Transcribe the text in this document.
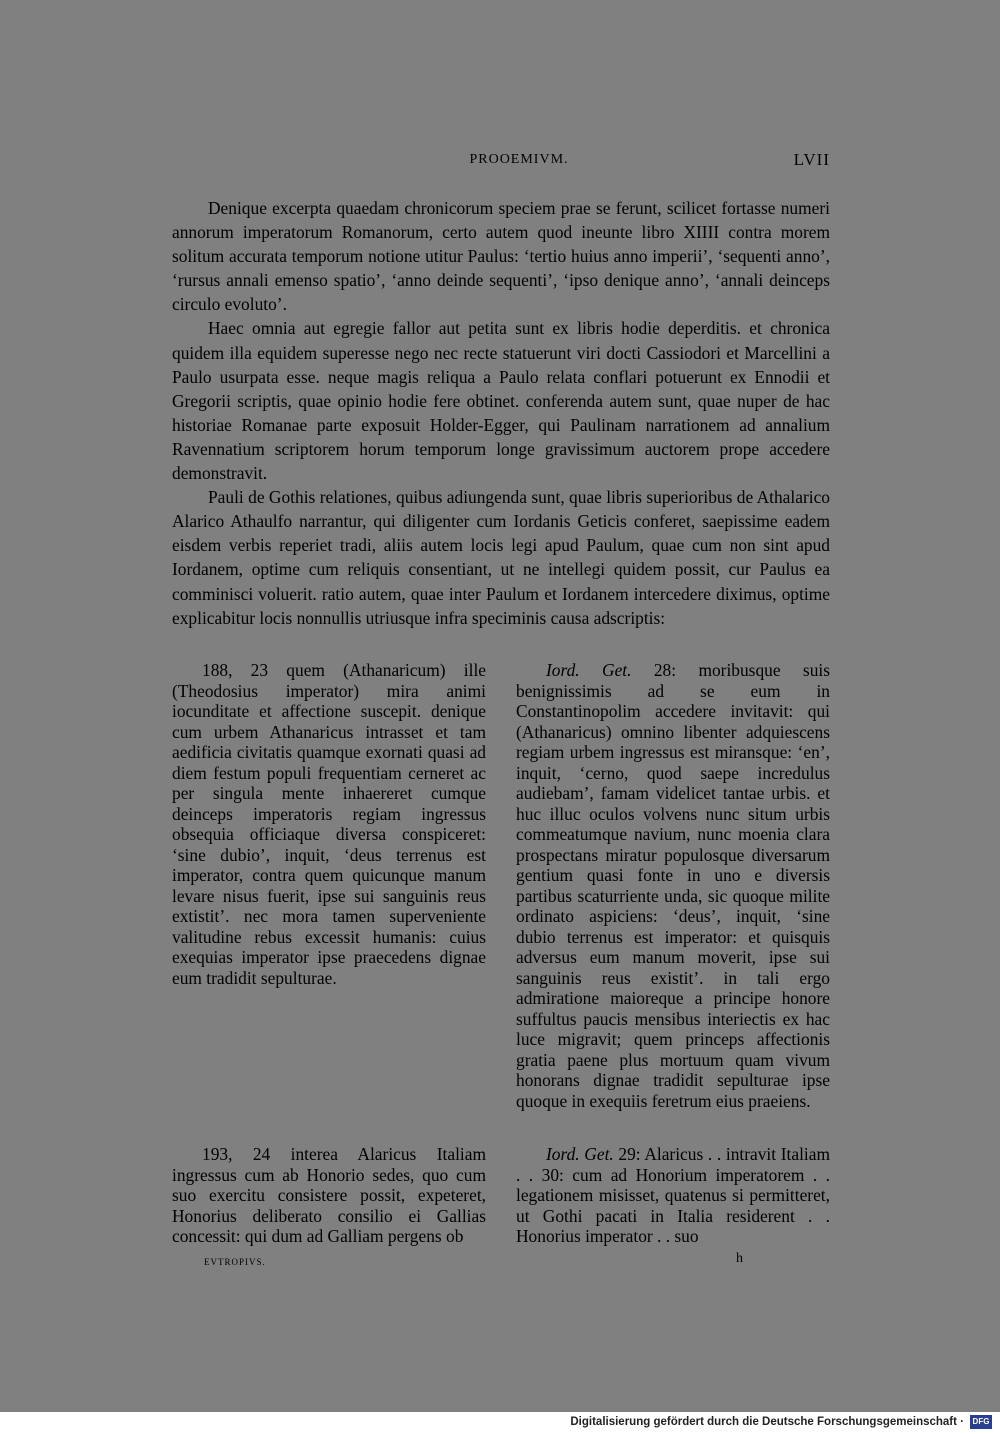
PROOEMIVM.	LVII

Denique excerpta quaedam chronicorum speciem prae se ferunt, scilicet fortasse numeri annorum imperatorum Romanorum, certo autem quod ineunte libro XIIII contra morem solitum accurata temporum notione utitur Paulus: ‘tertio huius anno imperii’, ‘sequenti anno’, ‘rursus annali emenso spatio’, ‘anno deinde sequenti’, ‘ipso denique anno’, ‘annali deinceps circulo evoluto’.

Haec omnia aut egregie fallor aut petita sunt ex libris hodie deperditis. et chronica quidem illa equidem superesse nego nec recte statuerunt viri docti Cassiodori et Marcellini a Paulo usurpata esse. neque magis reliqua a Paulo relata conflari potuerunt ex Ennodii et Gregorii scriptis, quae opinio hodie fere obtinet. conferenda autem sunt, quae nuper de hac historiae Romanae parte exposuit Holder-Egger, qui Paulinam narrationem ad annalium Ravennatium scriptorem horum temporum longe gravissimum auctorem prope accedere demonstravit.

Pauli de Gothis relationes, quibus adiungenda sunt, quae libris superioribus de Athalarico Alarico Athaulfo narrantur, qui diligenter cum Iordanis Geticis conferet, saepissime eadem eisdem verbis reperiet tradi, aliis autem locis legi apud Paulum, quae cum non sint apud Iordanem, optime cum reliquis consentiant, ut ne intellegi quidem possit, cur Paulus ea comminisci voluerit. ratio autem, quae inter Paulum et Iordanem intercedere diximus, optime explicabitur locis nonnullis utriusque infra speciminis causa adscriptis:

188, 23 quem (Athanaricum) ille (Theodosius imperator) mira animi iocunditate et affectione suscepit. denique cum urbem Athanaricus intrasset et tam aedificia civitatis quamque exornati quasi ad diem festum populi frequentiam cerneret ac per singula mente inhaereret cumque deinceps imperatoris regiam ingressus obsequia officiaque diversa conspiceret: ‘sine dubio’, inquit, ‘deus terrenus est imperator, contra quem quicunque manum levare nisus fuerit, ipse sui sanguinis reus extistit’. nec mora tamen superveniente valitudine rebus excessit humanis: cuius exequias imperator ipse praecedens dignae eum tradidit sepulturae.

Iord. Get. 28: moribusque suis benignissimis ad se eum in Constantinopolim accedere invitavit: qui (Athanaricus) omnino libenter adquiescens regiam urbem ingressus est miransque: ‘en’, inquit, ‘cerno, quod saepe incredulus audiebam’, famam videlicet tantae urbis. et huc illuc oculos volvens nunc situm urbis commeatumque navium, nunc moenia clara prospectans miratur populosque diversarum gentium quasi fonte in uno e diversis partibus scaturriente unda, sic quoque milite ordinato aspiciens: ‘deus’, inquit, ‘sine dubio terrenus est imperator: et quisquis adversus eum manum moverit, ipse sui sanguinis reus existit’. in tali ergo admiratione maioreque a principe honore suffultus paucis mensibus interiectis ex hac luce migravit; quem princeps affectionis gratia paene plus mortuum quam vivum honorans dignae tradidit sepulturae ipse quoque in exequiis feretrum eius praeiens.

193, 24 interea Alaricus Italiam ingressus cum ab Honorio sedes, quo cum suo exercitu consistere possit, expeteret, Honorius deliberato consilio ei Gallias concessit: qui dum ad Galliam pergens ob

Iord. Get. 29: Alaricus . . intravit Italiam . . 30: cum ad Honorium imperatorem . . legationem misisset, quatenus si permitteret, ut Gothi pacati in Italia residerent . . Honorius imperator . . suo

EVTROPIVS.	h
Digitalisierung gefördert durch die Deutsche Forschungsgemeinschaft ·	DFG
